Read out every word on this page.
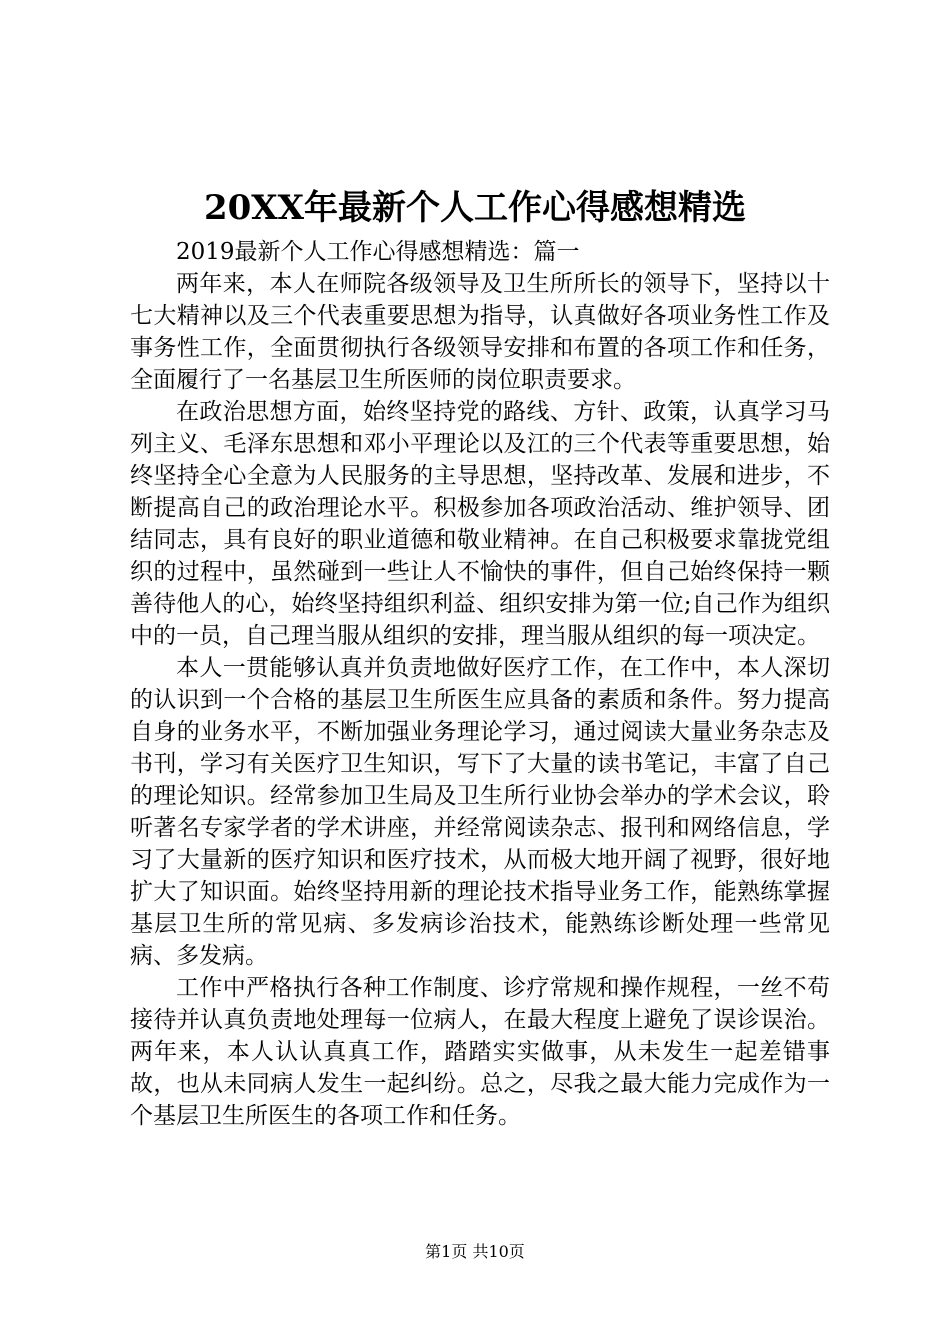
20XX年最新个人工作心得感想精选

2019最新个人工作心得感想精选：篇一

两年来，本人在师院各级领导及卫生所所长的领导下，坚持以十七大精神以及三个代表重要思想为指导，认真做好各项业务性工作及事务性工作，全面贯彻执行各级领导安排和布置的各项工作和任务，全面履行了一名基层卫生所医师的岗位职责要求。

在政治思想方面，始终坚持党的路线、方针、政策，认真学习马列主义、毛泽东思想和邓小平理论以及江的三个代表等重要思想，始终坚持全心全意为人民服务的主导思想，坚持改革、发展和进步，不断提高自己的政治理论水平。积极参加各项政治活动、维护领导、团结同志，具有良好的职业道德和敬业精神。在自己积极要求靠拢党组织的过程中，虽然碰到一些让人不愉快的事件，但自己始终保持一颗善待他人的心，始终坚持组织利益、组织安排为第一位;自己作为组织中的一员，自己理当服从组织的安排，理当服从组织的每一项决定。

本人一贯能够认真并负责地做好医疗工作，在工作中，本人深切的认识到一个合格的基层卫生所医生应具备的素质和条件。努力提高自身的业务水平，不断加强业务理论学习，通过阅读大量业务杂志及书刊，学习有关医疗卫生知识，写下了大量的读书笔记，丰富了自己的理论知识。经常参加卫生局及卫生所行业协会举办的学术会议，聆听著名专家学者的学术讲座，并经常阅读杂志、报刊和网络信息，学习了大量新的医疗知识和医疗技术，从而极大地开阔了视野，很好地扩大了知识面。始终坚持用新的理论技术指导业务工作，能熟练掌握基层卫生所的常见病、多发病诊治技术，能熟练诊断处理一些常见病、多发病。

工作中严格执行各种工作制度、诊疗常规和操作规程，一丝不苟接待并认真负责地处理每一位病人，在最大程度上避免了误诊误治。两年来，本人认认真真工作，踏踏实实做事，从未发生一起差错事故，也从未同病人发生一起纠纷。总之，尽我之最大能力完成作为一个基层卫生所医生的各项工作和任务。

第1页 共10页
